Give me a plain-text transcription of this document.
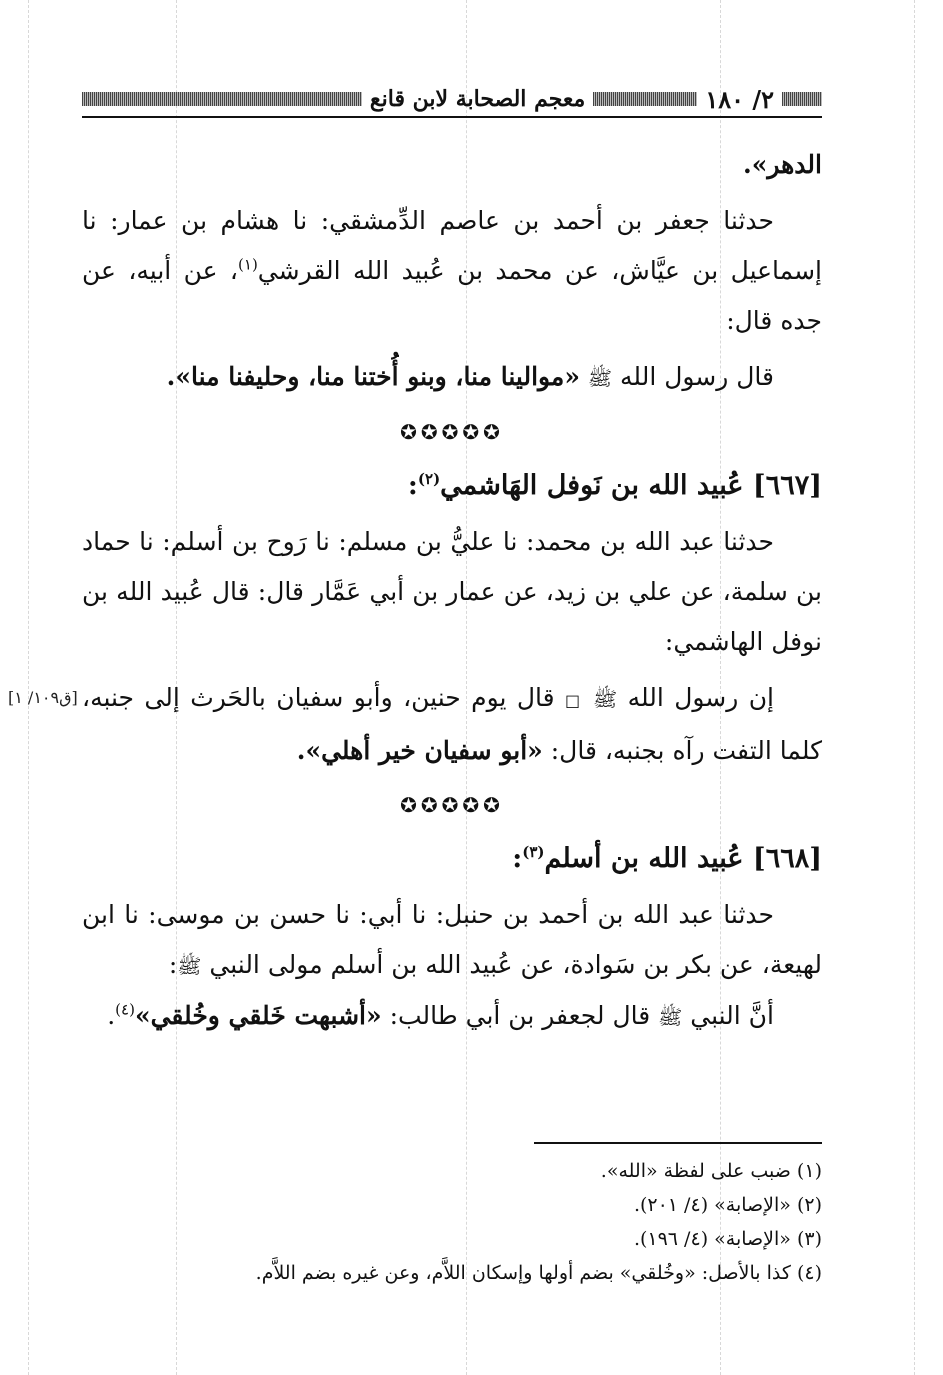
٢/ ١٨٠
معجم الصحابة لابن قانع

الدهر».

حدثنا جعفر بن أحمد بن عاصم الدِّمشقي: نا هشام بن عمار: نا إسماعيل بن عيَّاش، عن محمد بن عُبيد الله القرشي$^{(١)}$، عن أبيه، عن جده قال:

قال رسول الله ﷺ «موالينا منا، وبنو أُختنا منا، وحليفنا منا».

✪✪✪✪✪

[٦٦٧] عُبيد الله بن نَوفل الهَاشمي$^{(٢)}$:

حدثنا عبد الله بن محمد: نا عليُّ بن مسلم: نا رَوح بن أسلم: نا حماد بن سلمة، عن علي بن زيد، عن عمار بن أبي عَمَّار قال: قال عُبيد الله بن نوفل الهاشمي:

[ق١٠٩/ ١]	إن رسول الله ﷺ □ قال يوم حنين، وأبو سفيان بالحَرث إلى جنبه، كلما التفت رآه بجنبه، قال: «أبو سفيان خير أهلي».

✪✪✪✪✪

[٦٦٨] عُبيد الله بن أسلم$^{(٣)}$:

حدثنا عبد الله بن أحمد بن حنبل: نا أبي: نا حسن بن موسى: نا ابن لهيعة، عن بكر بن سَوادة، عن عُبيد الله بن أسلم مولى النبي ﷺ:

أنَّ النبي ﷺ قال لجعفر بن أبي طالب: «أشبهت خَلقي وخُلقي»$^{(٤)}$.

(١) ضبب على لفظة «الله».

(٢) «الإصابة» (٤/ ٢٠١).

(٣) «الإصابة» (٤/ ١٩٦).

(٤) كذا بالأصل: «وخُلقي» بضم أولها وإسكان اللاَّم، وعن غيره بضم اللاَّم.
